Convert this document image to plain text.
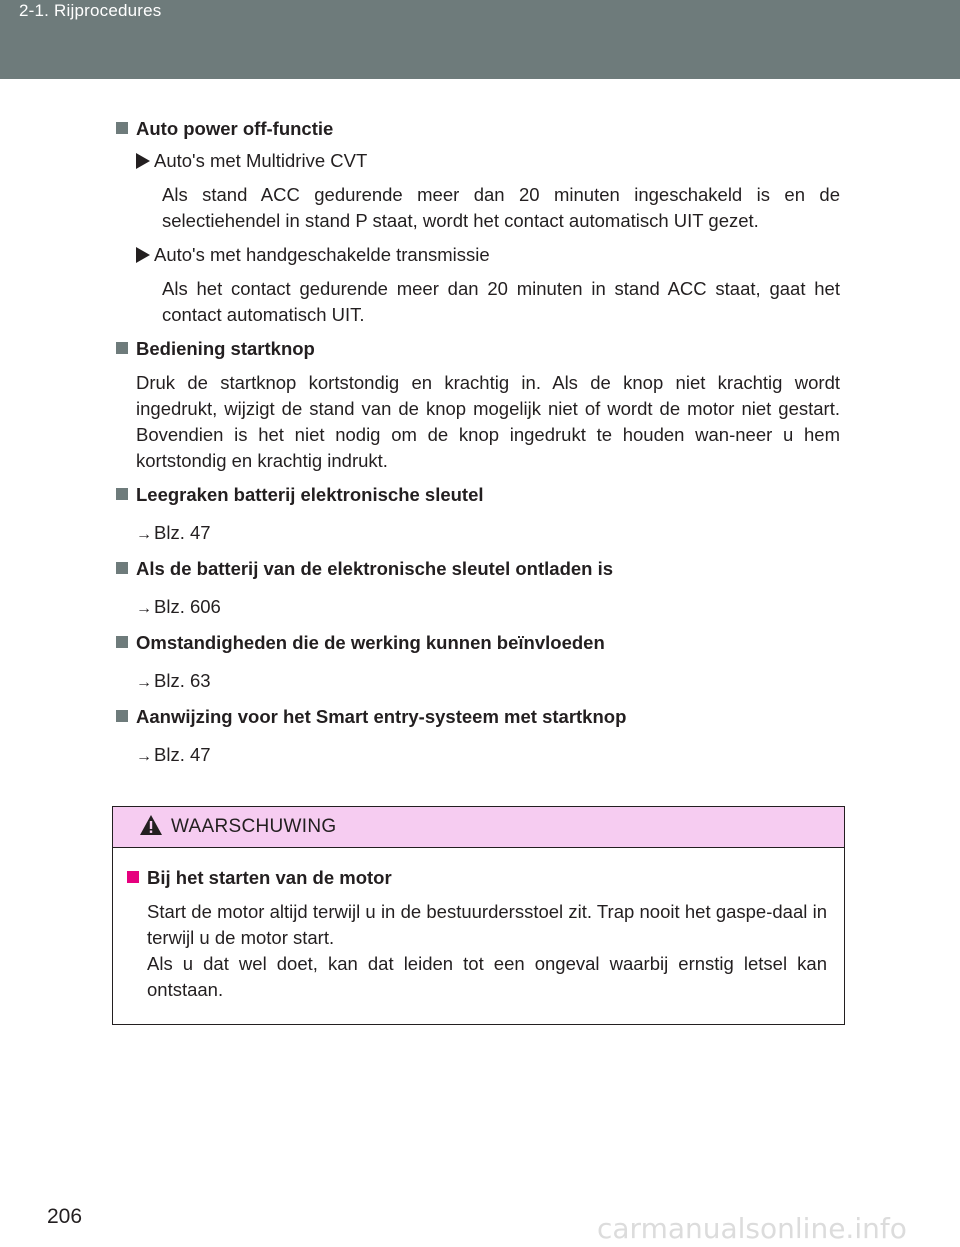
2-1. Rijprocedures

Auto power off-functie

Auto's met Multidrive CVT

Als stand ACC gedurende meer dan 20 minuten ingeschakeld is en de selectiehendel in stand P staat, wordt het contact automatisch UIT gezet.

Auto's met handgeschakelde transmissie

Als het contact gedurende meer dan 20 minuten in stand ACC staat, gaat het contact automatisch UIT.

Bediening startknop

Druk de startknop kortstondig en krachtig in. Als de knop niet krachtig wordt ingedrukt, wijzigt de stand van de knop mogelijk niet of wordt de motor niet gestart. Bovendien is het niet nodig om de knop ingedrukt te houden wan-neer u hem kortstondig en krachtig indrukt.

Leegraken batterij elektronische sleutel

→ Blz. 47

Als de batterij van de elektronische sleutel ontladen is

→ Blz. 606

Omstandigheden die de werking kunnen beïnvloeden

→ Blz. 63

Aanwijzing voor het Smart entry-systeem met startknop

→ Blz. 47

WAARSCHUWING

Bij het starten van de motor

Start de motor altijd terwijl u in de bestuurdersstoel zit. Trap nooit het gaspe-daal in terwijl u de motor start.

Als u dat wel doet, kan dat leiden tot een ongeval waarbij ernstig letsel kan ontstaan.

206	carmanualsonline.info
